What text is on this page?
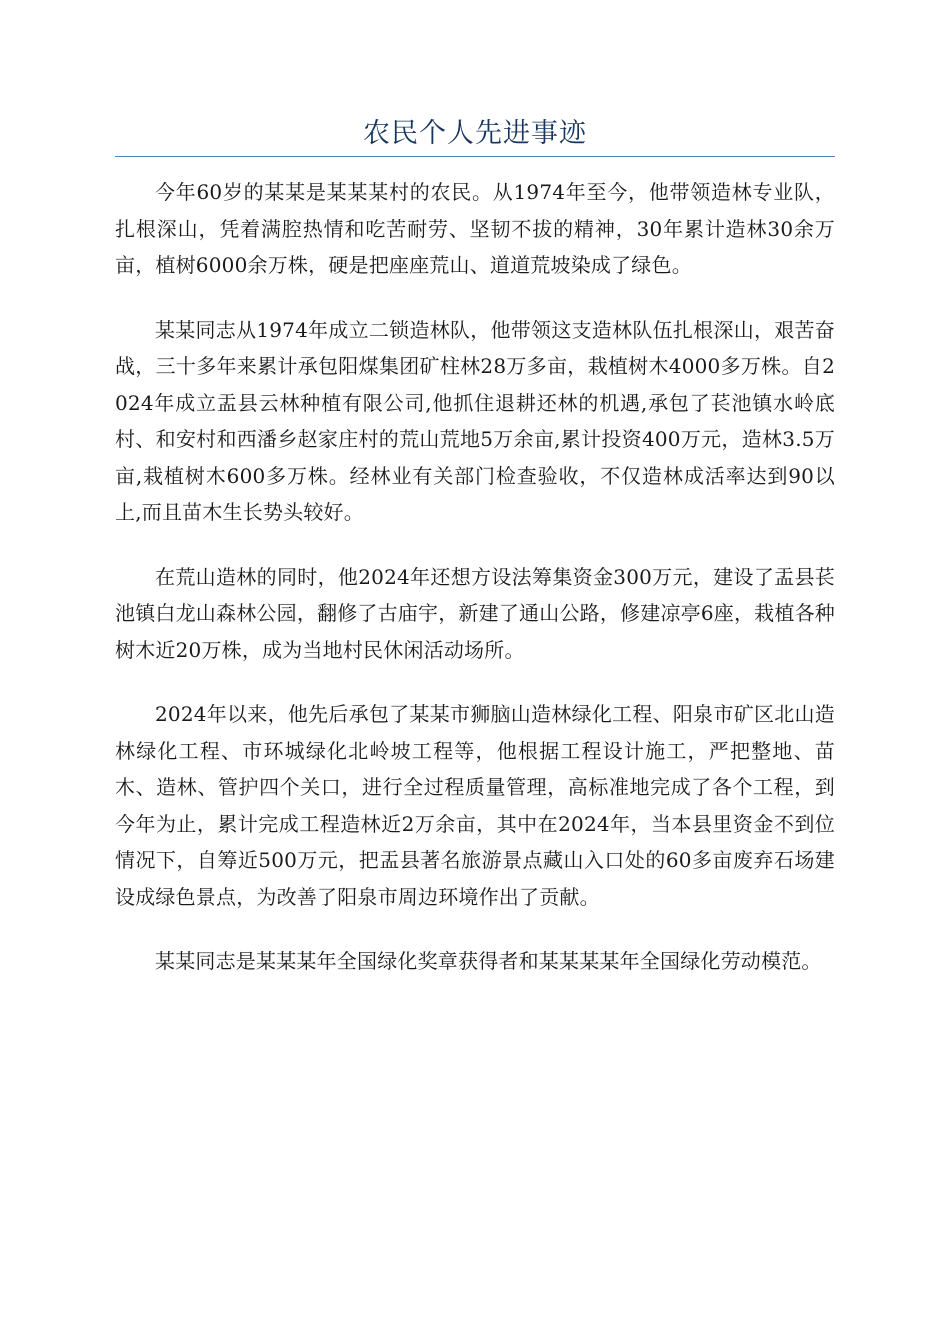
农民个人先进事迹

今年60岁的某某是某某某村的农民。从1974年至今，他带领造林专业队，扎根深山，凭着满腔热情和吃苦耐劳、坚韧不拔的精神，30年累计造林30余万亩，植树6000余万株，硬是把座座荒山、道道荒坡染成了绿色。

某某同志从1974年成立二锁造林队，他带领这支造林队伍扎根深山，艰苦奋战，三十多年来累计承包阳煤集团矿柱林28万多亩，栽植树木4000多万株。自2024年成立盂县云林种植有限公司,他抓住退耕还林的机遇,承包了苌池镇水岭底村、和安村和西潘乡赵家庄村的荒山荒地5万余亩,累计投资400万元，造林3.5万亩,栽植树木600多万株。经林业有关部门检查验收，不仅造林成活率达到90以上,而且苗木生长势头较好。

在荒山造林的同时，他2024年还想方设法筹集资金300万元，建设了盂县苌池镇白龙山森林公园，翻修了古庙宇，新建了通山公路，修建凉亭6座，栽植各种树木近20万株，成为当地村民休闲活动场所。

2024年以来，他先后承包了某某市狮脑山造林绿化工程、阳泉市矿区北山造林绿化工程、市环城绿化北岭坡工程等，他根据工程设计施工，严把整地、苗木、造林、管护四个关口，进行全过程质量管理，高标准地完成了各个工程，到今年为止，累计完成工程造林近2万余亩，其中在2024年，当本县里资金不到位情况下，自筹近500万元，把盂县著名旅游景点藏山入口处的60多亩废弃石场建设成绿色景点，为改善了阳泉市周边环境作出了贡献。

某某同志是某某某年全国绿化奖章获得者和某某某某年全国绿化劳动模范。
